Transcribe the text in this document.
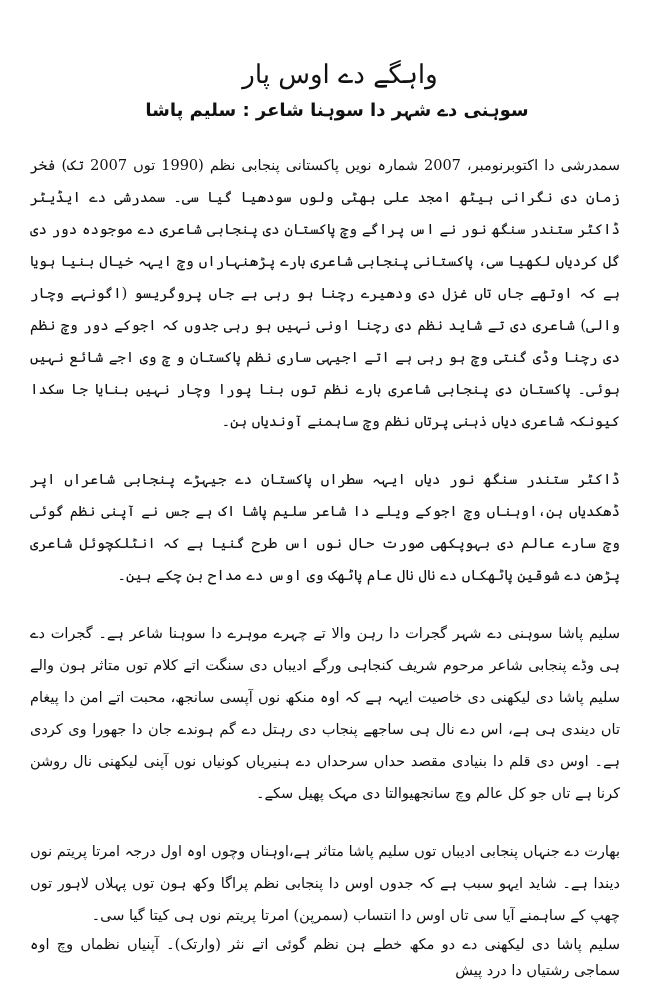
واہگے دے اوس پار
سوہنی دے شہر دا سوہنا شاعر : سلیم پاشا

سمدرشی دا اکتوبرنومبر، 2007 شمارہ نویں پاکستانی پنجابی نظم (1990 توں 2007 تک) فخر زمان دی نگرانی ہیٹھ امجد علی بھٹی ولوں سودھیا گیا سی۔ سمدرشی دے ایڈیٹر ڈاکٹر ستندر سنگھ نور نے اس پراگے وچ پاکستان دی پنجابی شاعری دے موجودہ دور دی گل کردیاں لکھیا سی، پاکستانی پنجابی شاعری بارے پڑھنہاراں وچ ایہہ خیال بنیا ہویا ہے کہ اوتھے جاں تاں غزل دی ودھیرے رچنا ہو رہی ہے جاں پروگریسو (اگونہے وچار والی) شاعری دی تے شاید نظم دی رچنا اونی نہیں ہو رہی جدوں کہ اجوکے دور وچ نظم دی رچنا وڈی گنتی وچ ہو رہی ہے اتے اجیہی ساری نظم پاکستان و چ وی اجے شائع نہیں ہوئی۔ پاکستان دی پنجابی شاعری بارے نظم توں بنا پورا وچار نہیں بنایا جا سکدا کیونکہ شاعری دیاں ذہنی پرتاں نظم وچ ساہمنے آوندیاں ہن۔

ڈاکٹر ستندر سنگھ نور دیاں ایہہ سطراں پاکستان دے جیہڑے پنجابی شاعراں اپر ڈھکدیاں ہن،اوہناں وچ اجوکے ویلے دا شاعر سلیم پاشا اک ہے جس نے آپنی نظم گوئی وچ سارے عالم دی بہوپکھی صورت حال نوں اس طرح گنیا ہے کہ انٹلکچوئل شاعری پڑھن دے شوقین پاٹھکاں دے نال نال عام پاٹھک وی اوس دے مداح بن چکے ہین۔

سلیم پاشا سوہنی دے شہر گجرات دا رہن والا تے چہرے موہرے دا سوہنا شاعر ہے۔ گجرات دے ہی وڈے پنجابی شاعر مرحوم شریف کنجاہی ورگے ادیباں دی سنگت اتے کلام توں متاثر ہون والے سلیم پاشا دی لیکھنی دی خاصیت ایہہ ہے کہ اوہ منکھ نوں آپسی سانجھ، محبت اتے امن دا پیغام تاں دیندی ہی ہے، اس دے نال ہی ساجھے پنجاب دی رہتل دے گم ہوندے جان دا جھورا وی کردی ہے۔ اوس دی قلم دا بنیادی مقصد حداں سرحداں دے ہنیریاں کونیاں نوں آپنی لیکھنی نال روشن کرنا ہے تاں جو کل عالم وچ سانجھیوالتا دی مہک پھیل سکے۔

بھارت دے جنہاں پنجابی ادیباں توں سلیم پاشا متاثر ہے،اوہناں وچوں اوہ اول درجہ امرتا پریتم نوں دیندا ہے۔ شاید ایہو سبب ہے کہ جدوں اوس دا پنجابی نظم پراگا وکھ ہون توں پہلاں لاہور توں چھپ کے ساہمنے آیا سی تاں اوس دا انتساب (سمرپن) امرتا پریتم نوں ہی کیتا گیا سی۔

سلیم پاشا دی لیکھنی دے دو مکھ خطے ہن نظم گوئی اتے نثر (وارتک)۔ آپنیاں نظماں وچ اوہ سماجی رشتیاں دا درد پیش
